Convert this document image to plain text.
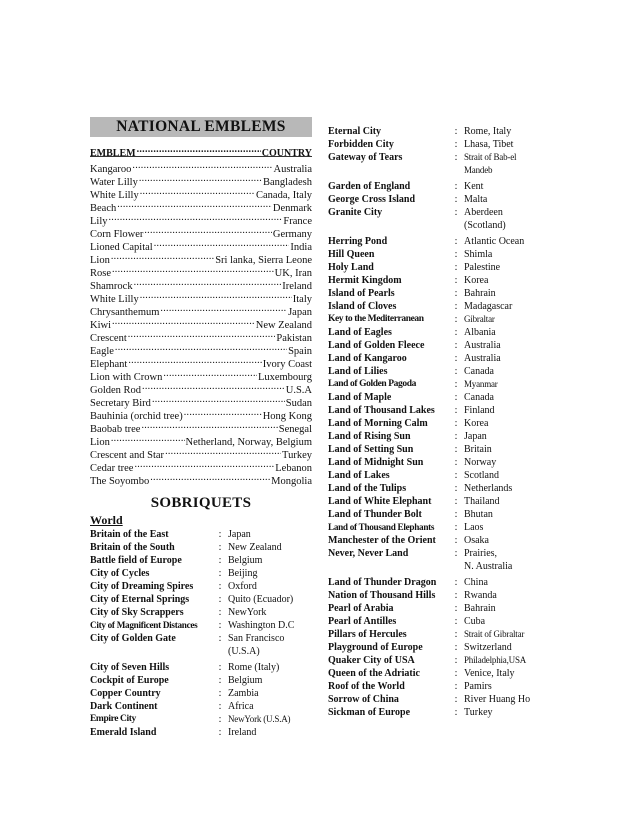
NATIONAL EMBLEMS
EMBLEM .....	COUNTRY
Kangaroo .....	Australia
Water Lilly .....	Bangladesh
White Lilly .....	Canada, Italy
Beach .....	Denmark
Lily .....	France
Corn Flower .....	Germany
Lioned Capital .....	India
Lion .....	Sri lanka, Sierra Leone
Rose .....	UK, Iran
Shamrock .....	Ireland
White Lilly .....	Italy
Chrysanthemum .....	Japan
Kiwi .....	New Zealand
Crescent .....	Pakistan
Eagle .....	Spain
Elephant .....	Ivory Coast
Lion with Crown .....	Luxembourg
Golden Rod .....	U.S.A
Secretary Bird .....	Sudan
Bauhinia (orchid tree) .....	Hong Kong
Baobab tree .....	Senegal
Lion .....	Netherland, Norway, Belgium
Crescent and Star .....	Turkey
Cedar tree .....	Lebanon
The Soyombo .....	Mongolia
SOBRIQUETS
World
Britain of the East	: Japan
Britain of the South	: New Zealand
Battle field of Europe	: Belgium
City of Cycles	: Beijing
City of Dreaming Spires	: Oxford
City of Eternal Springs	: Quito (Ecuador)
City of Sky Scrappers	: NewYork
City of Magnificent Distances	: Washington D.C
City of Golden Gate	: San Francisco
(U.S.A)
City of Seven Hills	: Rome (Italy)
Cockpit of Europe	: Belgium
Copper Country	: Zambia
Dark Continent	: Africa
Empire City	: NewYork (U.S.A)
Emerald Island	: Ireland
Eternal City	: Rome, Italy
Forbidden City	: Lhasa, Tibet
Gateway of Tears	: Strait of Bab-el
Mandeb
Garden of England	: Kent
George Cross Island	: Malta
Granite City	: Aberdeen
(Scotland)
Herring Pond	: Atlantic Ocean
Hill Queen	: Shimla
Holy Land	: Palestine
Hermit Kingdom	: Korea
Island of Pearls	: Bahrain
Island of Cloves	: Madagascar
Key to the Mediterranean	: Gibraltar
Land of Eagles	: Albania
Land of Golden Fleece	: Australia
Land of Kangaroo	: Australia
Land of Lilies	: Canada
Land of Golden Pagoda	: Myanmar
Land of Maple	: Canada
Land of Thousand Lakes	: Finland
Land of Morning Calm	: Korea
Land of Rising Sun	: Japan
Land of Setting Sun	: Britain
Land of Midnight Sun	: Norway
Land of Lakes	: Scotland
Land of the Tulips	: Netherlands
Land of White Elephant	: Thailand
Land of Thunder Bolt	: Bhutan
Land of Thousand Elephants	: Laos
Manchester of the Orient	: Osaka
Never, Never Land	: Prairies,
N. Australia
Land of Thunder Dragon	: China
Nation of Thousand Hills	: Rwanda
Pearl of Arabia	: Bahrain
Pearl of Antilles	: Cuba
Pillars of Hercules	: Strait of Gibraltar
Playground of Europe	: Switzerland
Quaker City of USA	: Philadelphia,USA
Queen of the Adriatic	: Venice, Italy
Roof of the World	: Pamirs
Sorrow of China	: River Huang Ho
Sickman of Europe	: Turkey
